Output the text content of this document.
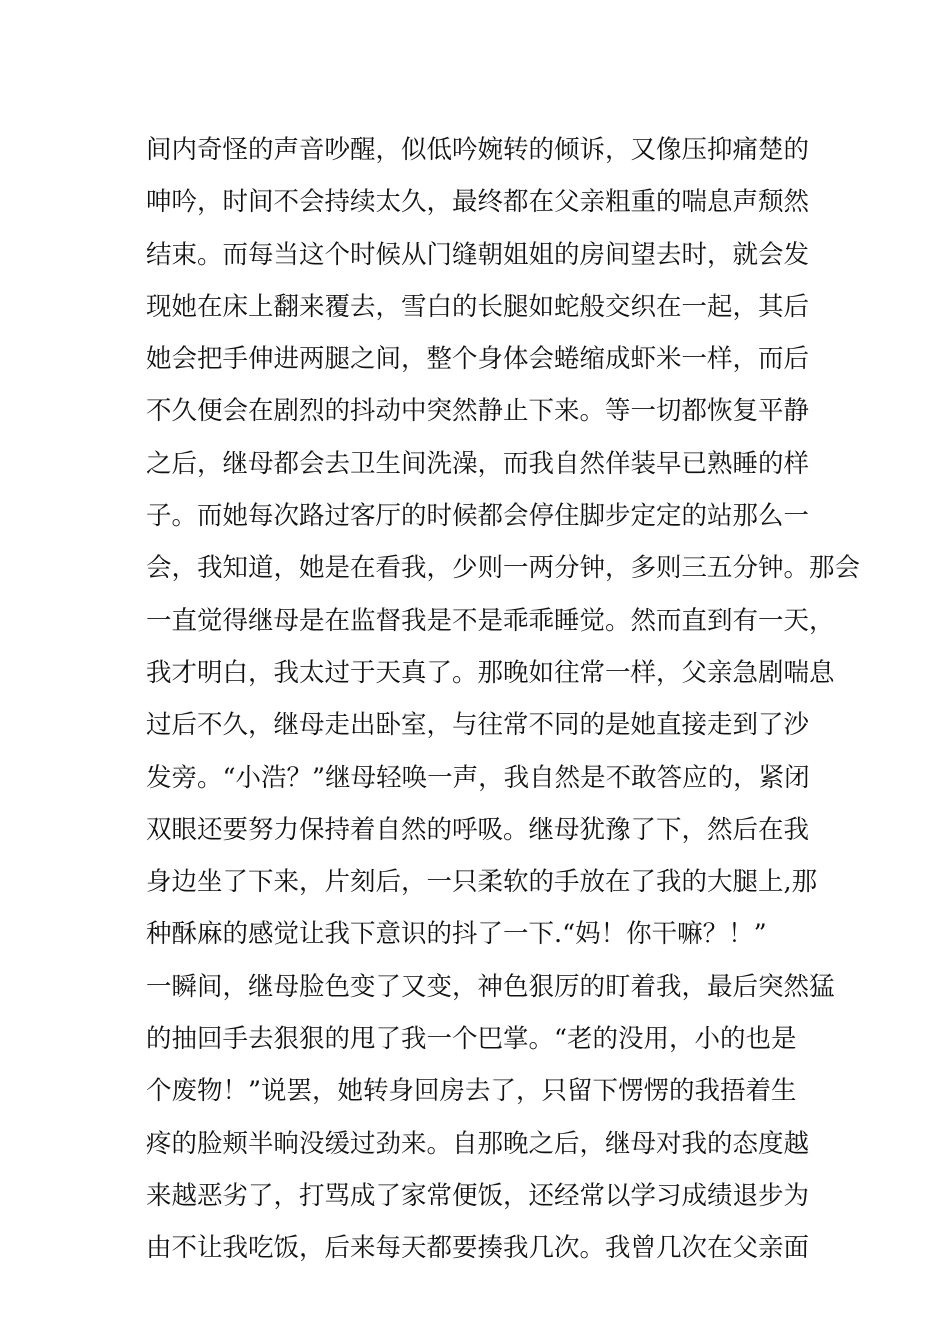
间内奇怪的声音吵醒，似低吟婉转的倾诉，又像压抑痛楚的
呻吟，时间不会持续太久，最终都在父亲粗重的喘息声颓然
结束。而每当这个时候从门缝朝姐姐的房间望去时，就会发
现她在床上翻来覆去，雪白的长腿如蛇般交织在一起，其后
她会把手伸进两腿之间，整个身体会蜷缩成虾米一样，而后
不久便会在剧烈的抖动中突然静止下来。等一切都恢复平静
之后，继母都会去卫生间洗澡，而我自然佯装早已熟睡的样
子。而她每次路过客厅的时候都会停住脚步定定的站那么一
会，我知道，她是在看我，少则一两分钟，多则三五分钟。那会
一直觉得继母是在监督我是不是乖乖睡觉。然而直到有一天，
我才明白，我太过于天真了。那晚如往常一样，父亲急剧喘息
过后不久，继母走出卧室，与往常不同的是她直接走到了沙
发旁。“小浩？”继母轻唤一声，我自然是不敢答应的，紧闭
双眼还要努力保持着自然的呼吸。继母犹豫了下，然后在我
身边坐了下来，片刻后，一只柔软的手放在了我的大腿上,那
种酥麻的感觉让我下意识的抖了一下.“妈！你干嘛？！”
一瞬间，继母脸色变了又变，神色狠厉的盯着我，最后突然猛
的抽回手去狠狠的甩了我一个巴掌。“老的没用，小的也是
个废物！”说罢，她转身回房去了，只留下愣愣的我捂着生
疼的脸颊半晌没缓过劲来。自那晚之后，继母对我的态度越
来越恶劣了，打骂成了家常便饭，还经常以学习成绩退步为
由不让我吃饭，后来每天都要揍我几次。我曾几次在父亲面
